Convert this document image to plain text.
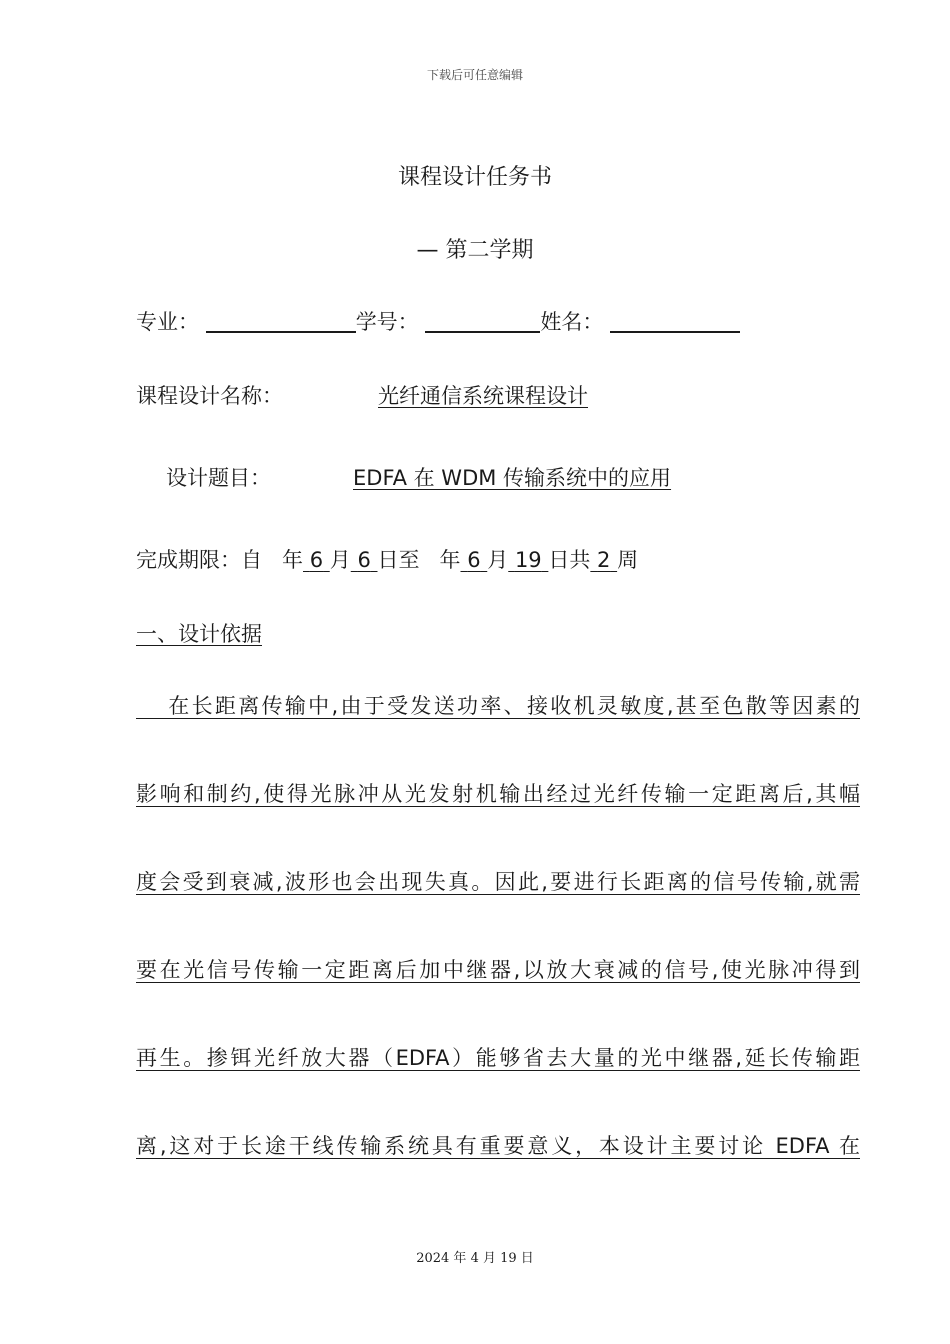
下载后可任意编辑
课程设计任务书
— 第二学期
专业：	学号：	姓名：
课程设计名称：	光纤通信系统课程设计
设计题目：	EDFA 在 WDM 传输系统中的应用
完成期限：自 年 6 月 6 日至 年 6 月 19 日共 2 周
一、设计依据
　 在长距离传输中,由于受发送功率、接收机灵敏度,甚至色散等因素的
影响和制约,使得光脉冲从光发射机输出经过光纤传输一定距离后,其幅
度会受到衰减,波形也会出现失真。因此,要进行长距离的信号传输,就需
要在光信号传输一定距离后加中继器,以放大衰减的信号,使光脉冲得到
再生。掺铒光纤放大器（EDFA）能够省去大量的光中继器,延长传输距
离,这对于长途干线传输系统具有重要意义，本设计主要讨论 EDFA 在
2024 年 4 月 19 日
